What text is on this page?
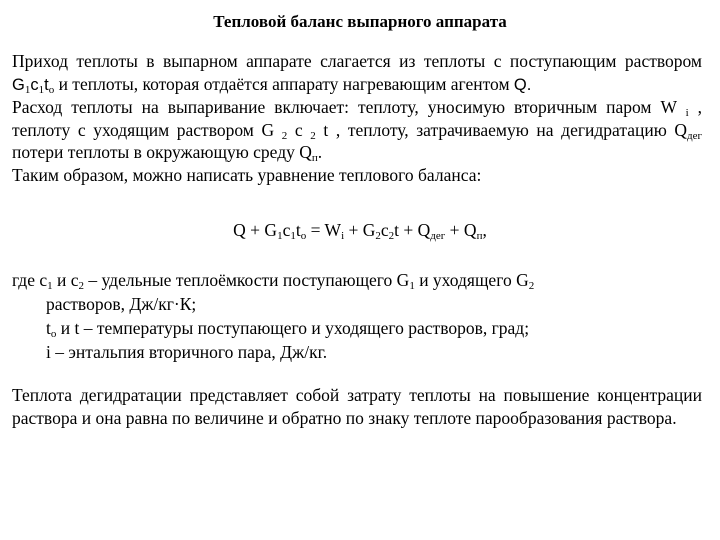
Тепловой баланс выпарного аппарата
Приход теплоты в выпарном аппарате слагается из теплоты с поступающим раствором $G_1c_1t_o$ и теплоты, которая отдаётся аппарату нагревающим агентом Q.
Расход теплоты на выпаривание включает: теплоту, уносимую вторичным паром W $_i$ , теплоту с уходящим раствором G $_2$ c $_2$ t , теплоту, затрачиваемую на дегидратацию $Q_{дег}$ потери теплоты в окружающую среду $Q_п$.
Таким образом, можно написать уравнение теплового баланса:
$Q + G_1c_1t_o = W_i + G_2c_2t + Q_{дег} + Q_п$,
где $c_1$ и $c_2$ – удельные теплоёмкости поступающего $G_1$ и уходящего $G_2$
растворов, Дж/кг·К;
$t_o$ и t – температуры поступающего и уходящего растворов, град;
i – энтальпия вторичного пара, Дж/кг.
Теплота дегидратации представляет собой затрату теплоты на повышение концентрации раствора и она равна по величине и обратно по знаку теплоте парообразования раствора.
